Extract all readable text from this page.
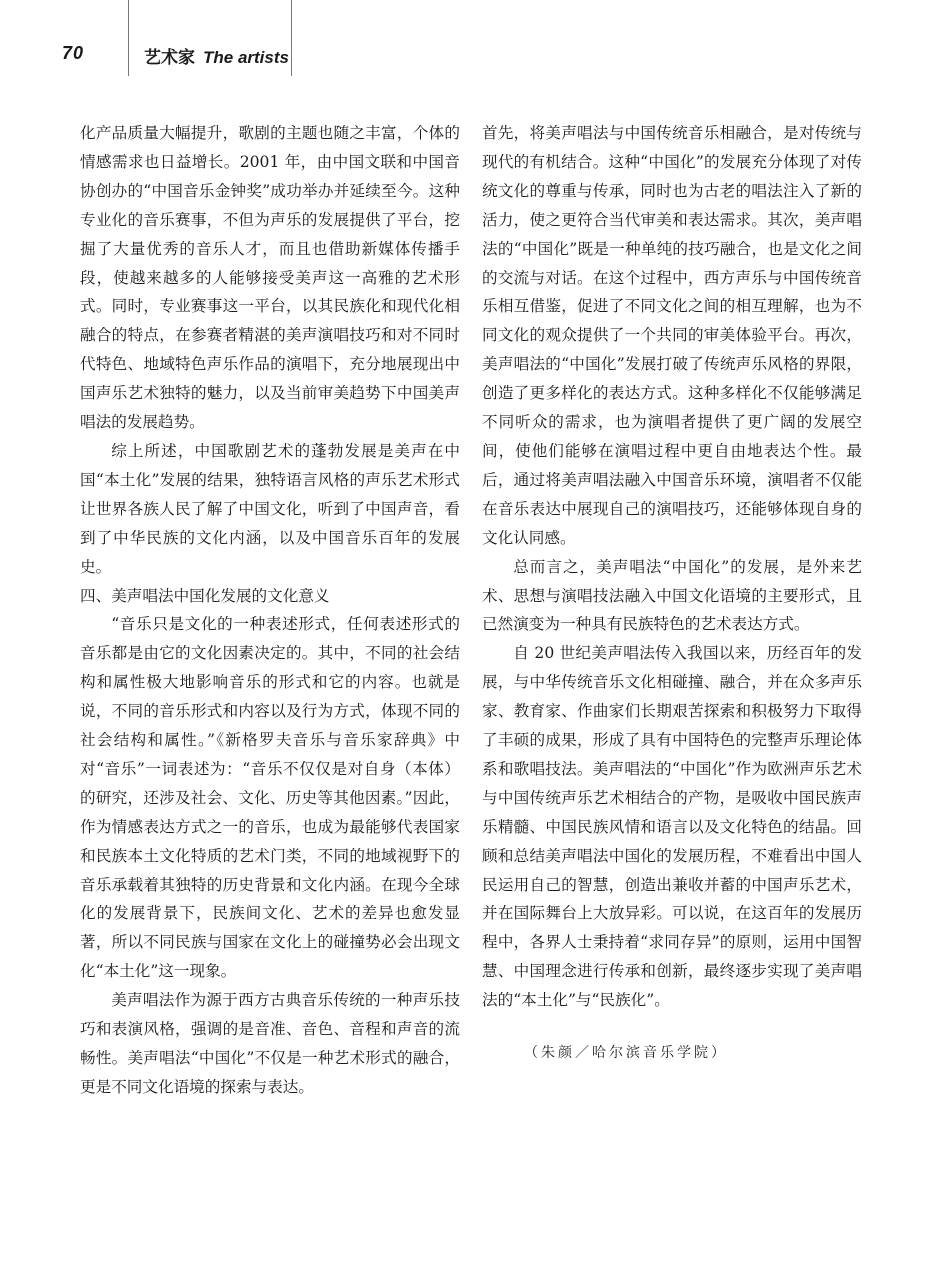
70	艺术家 The artists

化产品质量大幅提升，歌剧的主题也随之丰富，个体的情感需求也日益增长。2001 年，由中国文联和中国音协创办的“中国音乐金钟奖”成功举办并延续至今。这种专业化的音乐赛事，不但为声乐的发展提供了平台，挖掘了大量优秀的音乐人才，而且也借助新媒体传播手段，使越来越多的人能够接受美声这一高雅的艺术形式。同时，专业赛事这一平台，以其民族化和现代化相融合的特点，在参赛者精湛的美声演唱技巧和对不同时代特色、地域特色声乐作品的演唱下，充分地展现出中国声乐艺术独特的魅力，以及当前审美趋势下中国美声唱法的发展趋势。

综上所述，中国歌剧艺术的蓬勃发展是美声在中国“本土化”发展的结果，独特语言风格的声乐艺术形式让世界各族人民了解了中国文化，听到了中国声音，看到了中华民族的文化内涵，以及中国音乐百年的发展史。

四、美声唱法中国化发展的文化意义

“音乐只是文化的一种表述形式，任何表述形式的音乐都是由它的文化因素决定的。其中，不同的社会结构和属性极大地影响音乐的形式和它的内容。也就是说，不同的音乐形式和内容以及行为方式，体现不同的社会结构和属性。”《新格罗夫音乐与音乐家辞典》中对“音乐”一词表述为：“音乐不仅仅是对自身（本体）的研究，还涉及社会、文化、历史等其他因素。”因此，作为情感表达方式之一的音乐，也成为最能够代表国家和民族本土文化特质的艺术门类，不同的地域视野下的音乐承载着其独特的历史背景和文化内涵。在现今全球化的发展背景下，民族间文化、艺术的差异也愈发显著，所以不同民族与国家在文化上的碰撞势必会出现文化“本土化”这一现象。

美声唱法作为源于西方古典音乐传统的一种声乐技巧和表演风格，强调的是音准、音色、音程和声音的流畅性。美声唱法“中国化”不仅是一种艺术形式的融合，更是不同文化语境的探索与表达。

首先，将美声唱法与中国传统音乐相融合，是对传统与现代的有机结合。这种“中国化”的发展充分体现了对传统文化的尊重与传承，同时也为古老的唱法注入了新的活力，使之更符合当代审美和表达需求。其次，美声唱法的“中国化”既是一种单纯的技巧融合，也是文化之间的交流与对话。在这个过程中，西方声乐与中国传统音乐相互借鉴，促进了不同文化之间的相互理解，也为不同文化的观众提供了一个共同的审美体验平台。再次，美声唱法的“中国化”发展打破了传统声乐风格的界限，创造了更多样化的表达方式。这种多样化不仅能够满足不同听众的需求，也为演唱者提供了更广阔的发展空间，使他们能够在演唱过程中更自由地表达个性。最后，通过将美声唱法融入中国音乐环境，演唱者不仅能在音乐表达中展现自己的演唱技巧，还能够体现自身的文化认同感。

总而言之，美声唱法“中国化”的发展，是外来艺术、思想与演唱技法融入中国文化语境的主要形式，且已然演变为一种具有民族特色的艺术表达方式。

自 20 世纪美声唱法传入我国以来，历经百年的发展，与中华传统音乐文化相碰撞、融合，并在众多声乐家、教育家、作曲家们长期艰苦探索和积极努力下取得了丰硕的成果，形成了具有中国特色的完整声乐理论体系和歌唱技法。美声唱法的“中国化”作为欧洲声乐艺术与中国传统声乐艺术相结合的产物，是吸收中国民族声乐精髓、中国民族风情和语言以及文化特色的结晶。回顾和总结美声唱法中国化的发展历程，不难看出中国人民运用自己的智慧，创造出兼收并蓄的中国声乐艺术，并在国际舞台上大放异彩。可以说，在这百年的发展历程中，各界人士秉持着“求同存异”的原则，运用中国智慧、中国理念进行传承和创新，最终逐步实现了美声唱法的“本土化”与“民族化”。

（朱颜／哈尔滨音乐学院）
